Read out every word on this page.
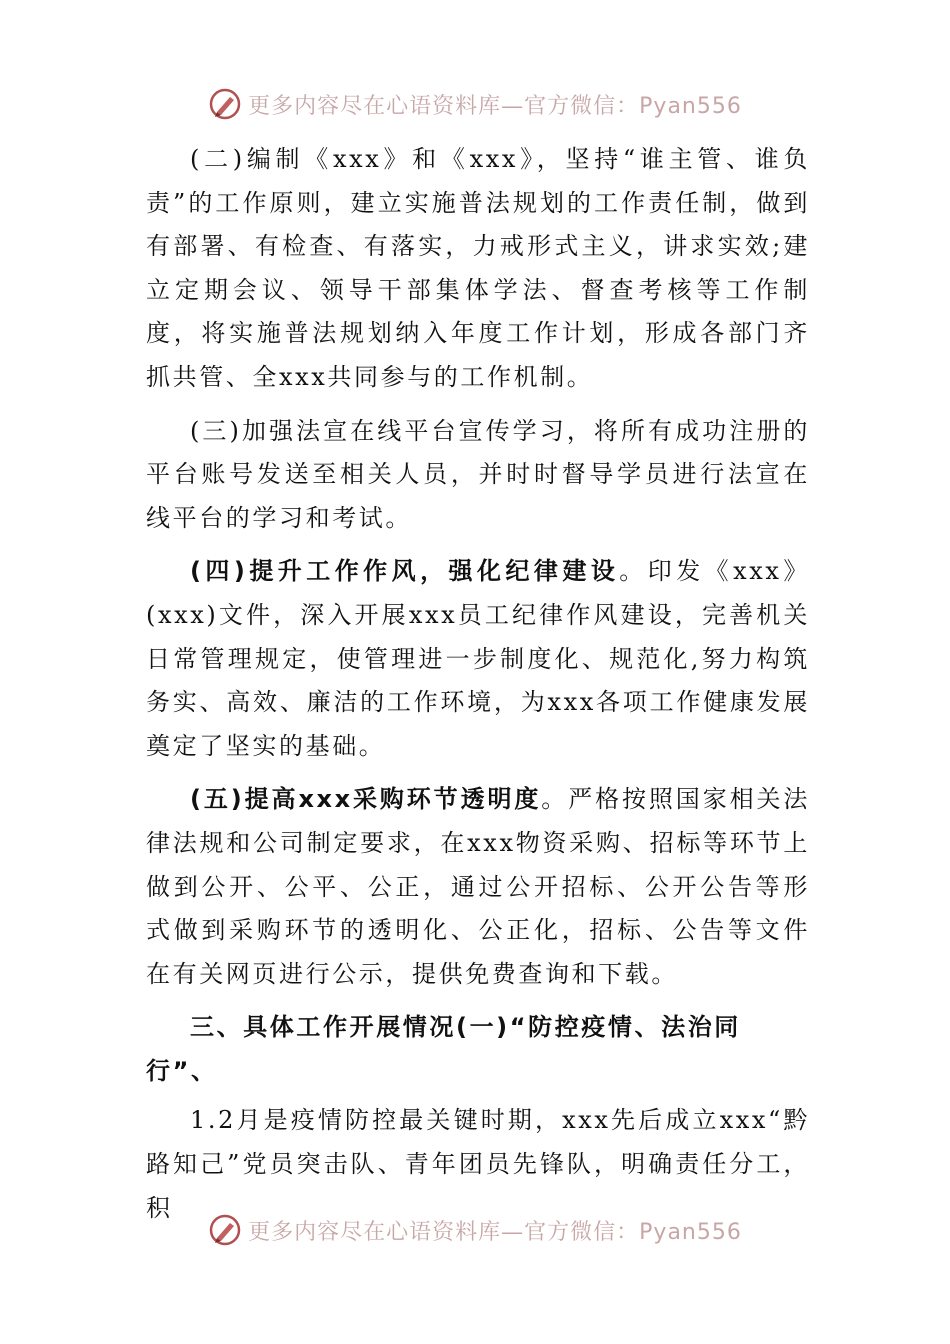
更多内容尽在心语资料库—官方微信：Pyan556

(二)编制《xxx》和《xxx》，坚持“谁主管、谁负责”的工作原则，建立实施普法规划的工作责任制，做到有部署、有检查、有落实，力戒形式主义，讲求实效;建立定期会议、领导干部集体学法、督查考核等工作制度，将实施普法规划纳入年度工作计划，形成各部门齐抓共管、全xxx共同参与的工作机制。

(三)加强法宣在线平台宣传学习，将所有成功注册的平台账号发送至相关人员，并时时督导学员进行法宣在线平台的学习和考试。

(四)提升工作作风，强化纪律建设。印发《xxx》(xxx)文件，深入开展xxx员工纪律作风建设，完善机关日常管理规定，使管理进一步制度化、规范化,努力构筑务实、高效、廉洁的工作环境，为xxx各项工作健康发展奠定了坚实的基础。

(五)提高xxx采购环节透明度。严格按照国家相关法律法规和公司制定要求，在xxx物资采购、招标等环节上做到公开、公平、公正，通过公开招标、公开公告等形式做到采购环节的透明化、公正化，招标、公告等文件在有关网页进行公示，提供免费查询和下载。

三、具体工作开展情况(一)“防控疫情、法治同行”、

1.2月是疫情防控最关键时期，xxx先后成立xxx“黔路知己”党员突击队、青年团员先锋队，明确责任分工，积

更多内容尽在心语资料库—官方微信：Pyan556
